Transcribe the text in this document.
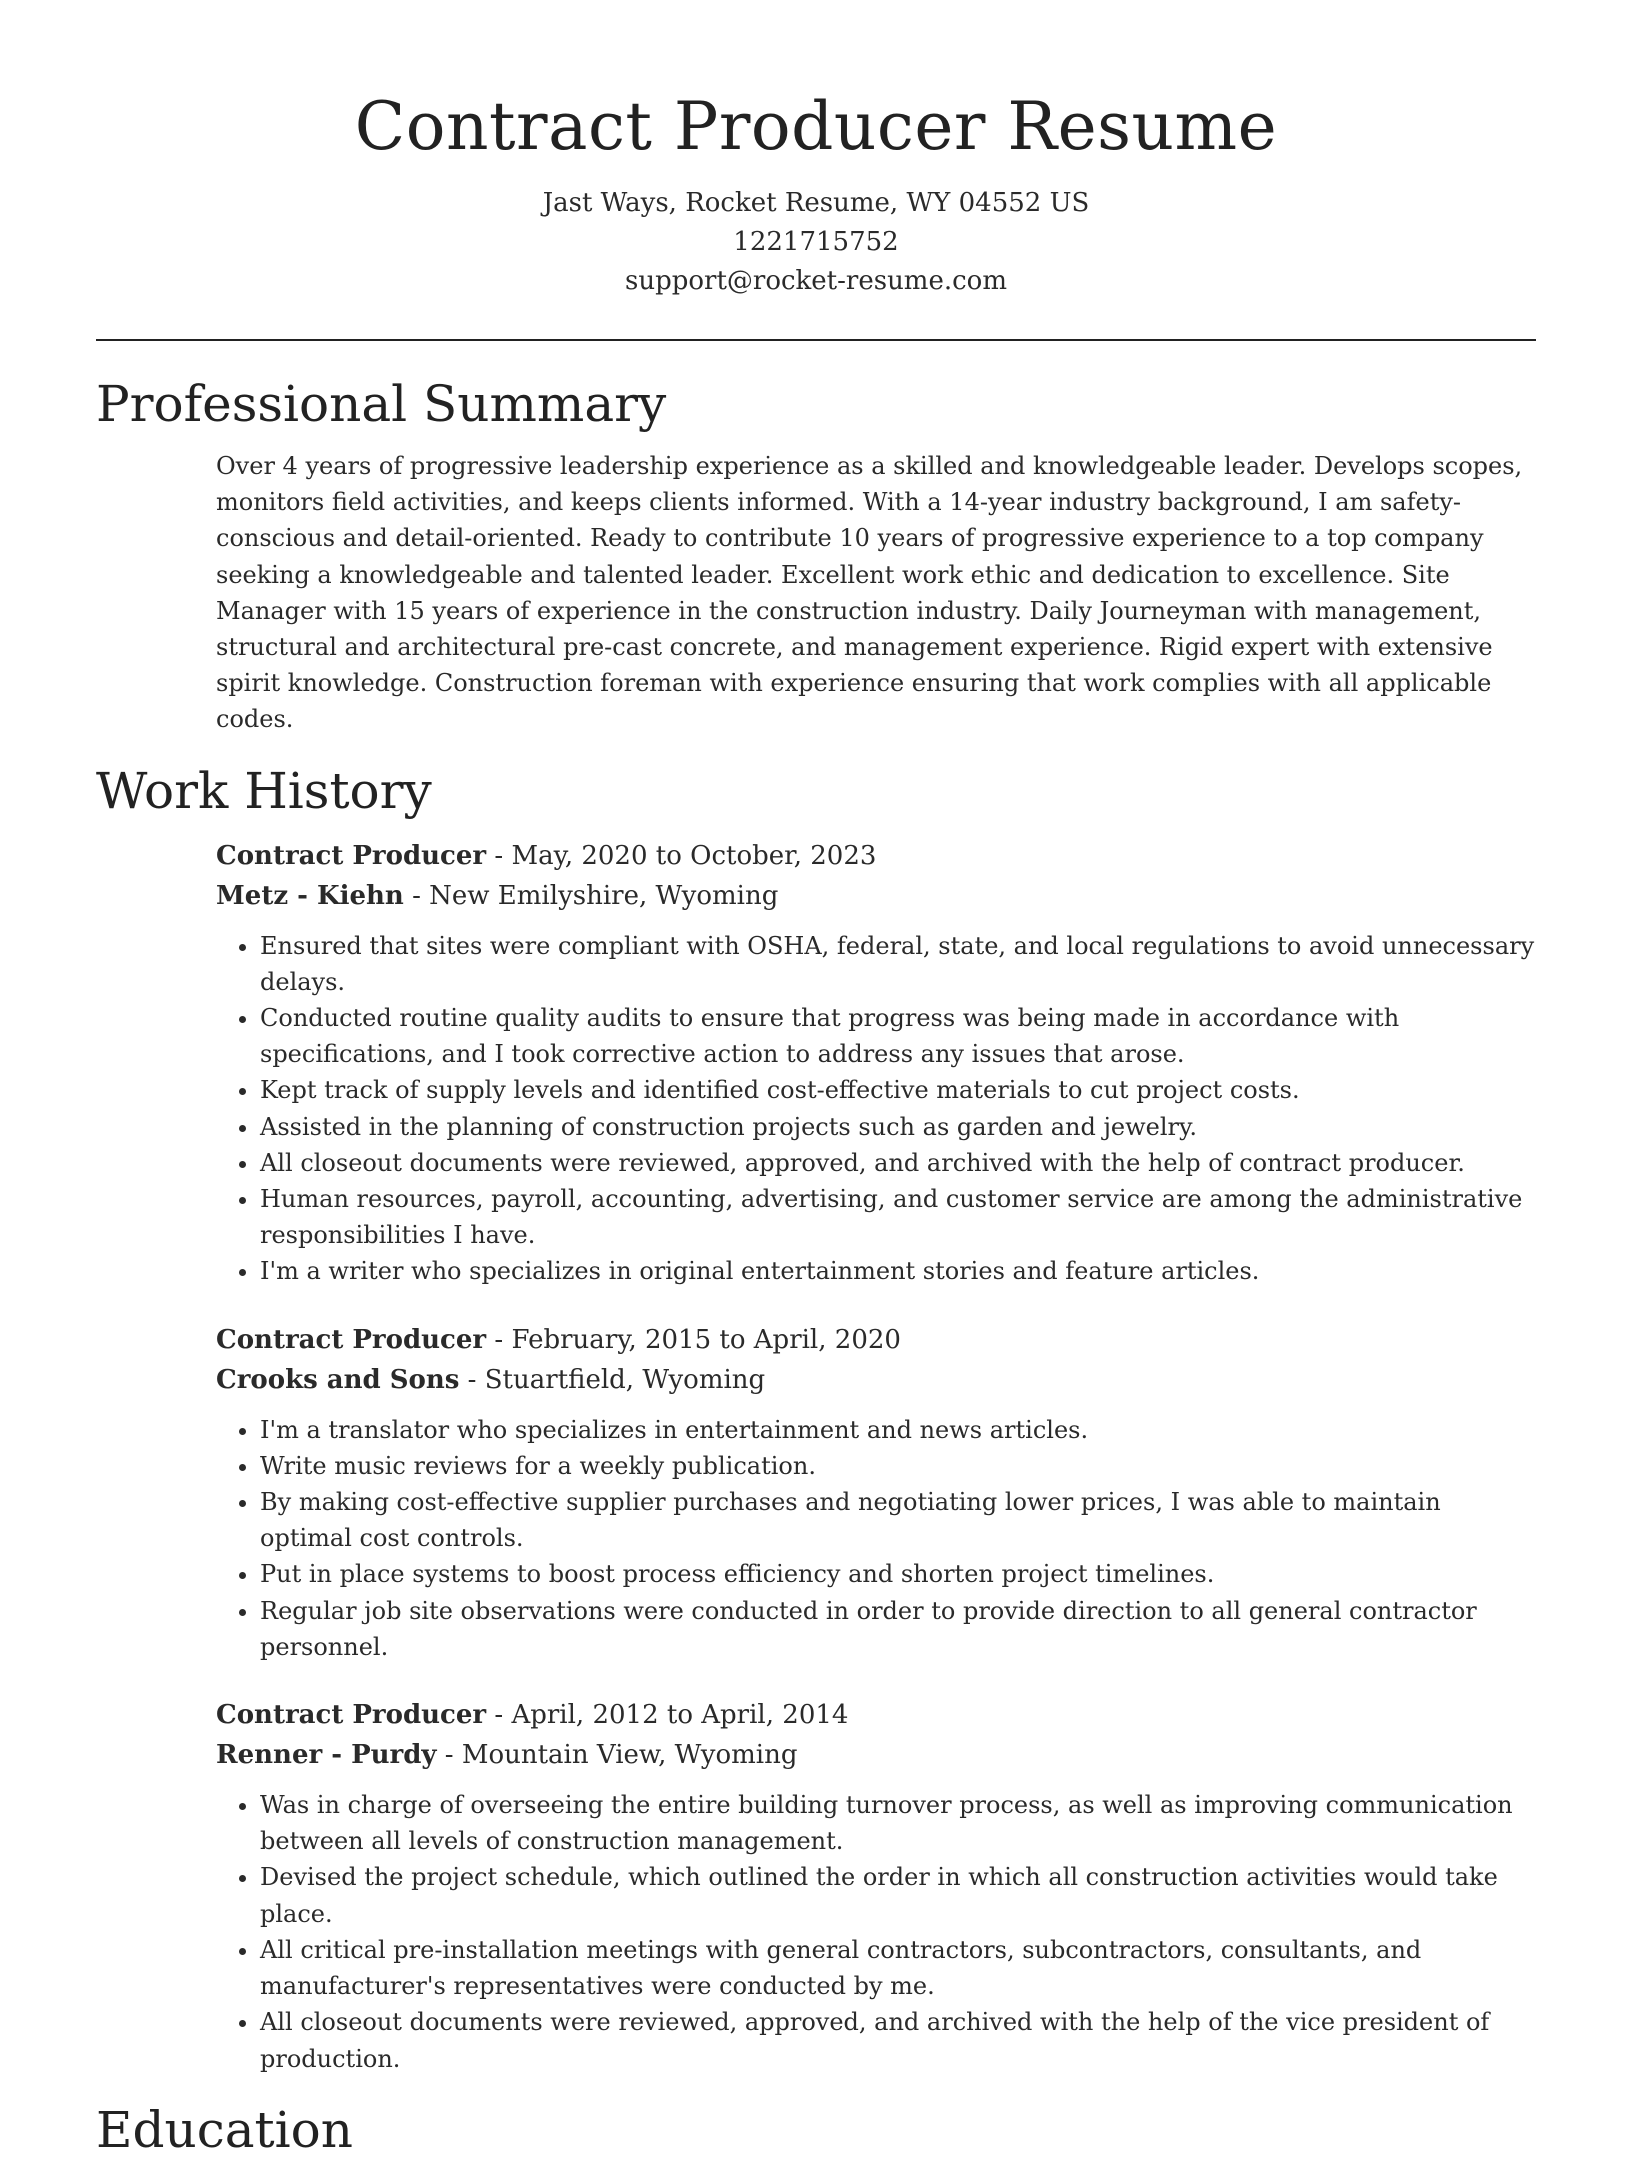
Contract Producer Resume
Jast Ways, Rocket Resume, WY 04552 US
1221715752
support@rocket-resume.com
Professional Summary

Over 4 years of progressive leadership experience as a skilled and knowledgeable leader. Develops scopes, monitors field activities, and keeps clients informed. With a 14-year industry background, I am safety-conscious and detail-oriented. Ready to contribute 10 years of progressive experience to a top company seeking a knowledgeable and talented leader. Excellent work ethic and dedication to excellence. Site Manager with 15 years of experience in the construction industry. Daily Journeyman with management, structural and architectural pre-cast concrete, and management experience. Rigid expert with extensive spirit knowledge. Construction foreman with experience ensuring that work complies with all applicable codes.

Work History
Contract Producer - May, 2020 to October, 2023
Metz - Kiehn - New Emilyshire, Wyoming
• Ensured that sites were compliant with OSHA, federal, state, and local regulations to avoid unnecessary delays.
• Conducted routine quality audits to ensure that progress was being made in accordance with specifications, and I took corrective action to address any issues that arose.
• Kept track of supply levels and identified cost-effective materials to cut project costs.
• Assisted in the planning of construction projects such as garden and jewelry.
• All closeout documents were reviewed, approved, and archived with the help of contract producer.
• Human resources, payroll, accounting, advertising, and customer service are among the administrative responsibilities I have.
• I'm a writer who specializes in original entertainment stories and feature articles.
Contract Producer - February, 2015 to April, 2020
Crooks and Sons - Stuartfield, Wyoming
• I'm a translator who specializes in entertainment and news articles.
• Write music reviews for a weekly publication.
• By making cost-effective supplier purchases and negotiating lower prices, I was able to maintain optimal cost controls.
• Put in place systems to boost process efficiency and shorten project timelines.
• Regular job site observations were conducted in order to provide direction to all general contractor personnel.
Contract Producer - April, 2012 to April, 2014
Renner - Purdy - Mountain View, Wyoming
• Was in charge of overseeing the entire building turnover process, as well as improving communication between all levels of construction management.
• Devised the project schedule, which outlined the order in which all construction activities would take place.
• All critical pre-installation meetings with general contractors, subcontractors, consultants, and manufacturer's representatives were conducted by me.
• All closeout documents were reviewed, approved, and archived with the help of the vice president of production.
Education
